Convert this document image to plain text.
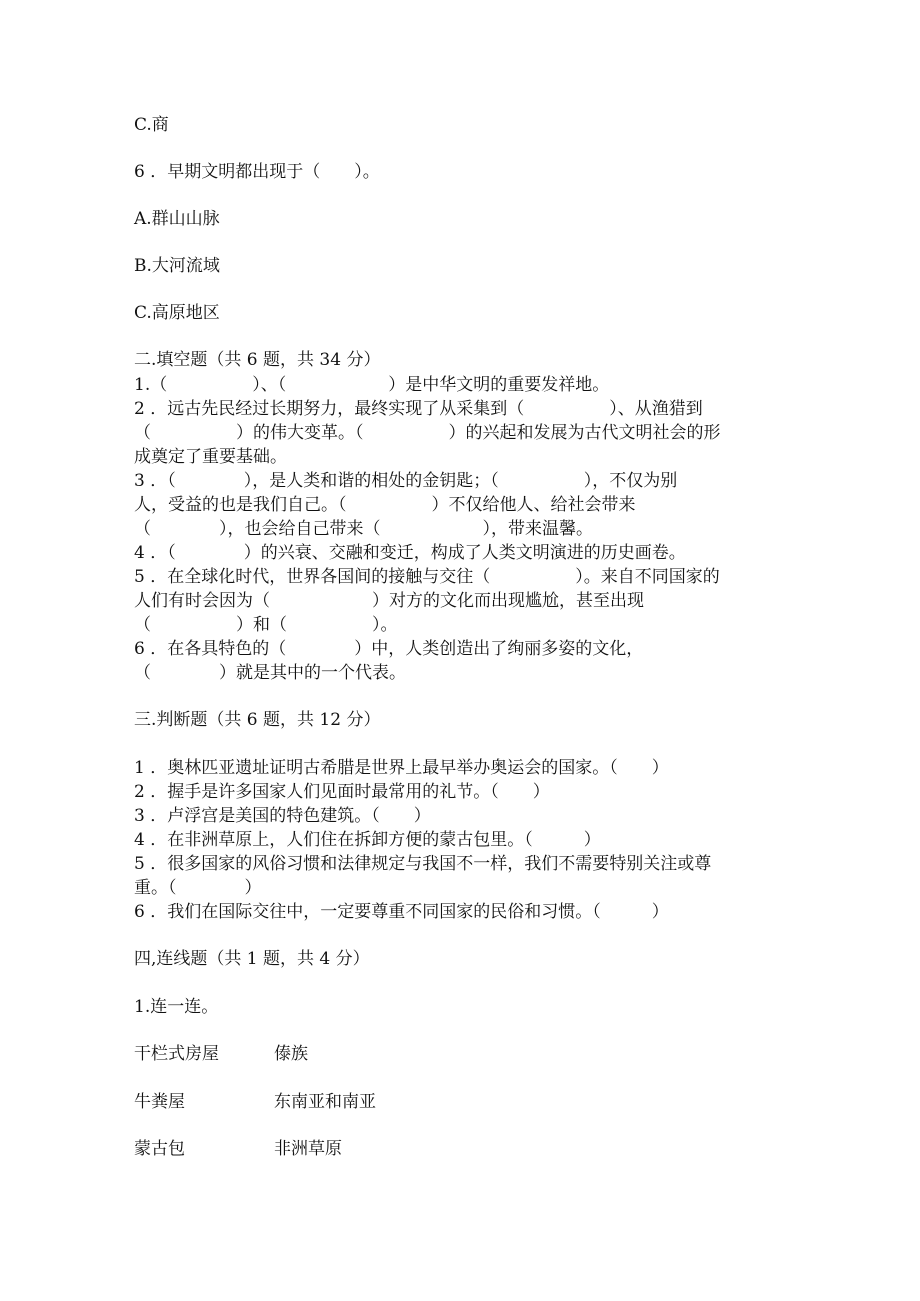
C.商
6 ．早期文明都出现于（　　）。
A.群山山脉
B.大河流域
C.高原地区
二.填空题（共 6 题，共 34 分）
1.（　　　　　）、（　　　　　　）是中华文明的重要发祥地。
2 ．远古先民经过长期努力，最终实现了从采集到（　　　　　）、从渔猎到
（　　　　　）的伟大变革。（　　　　　）的兴起和发展为古代文明社会的形
成奠定了重要基础。
3 ．（　　　　），是人类和谐的相处的金钥匙；（　　　　　），不仅为别
人，受益的也是我们自己。（　　　　　）不仅给他人、给社会带来
（　　　　），也会给自己带来（　　　　　　），带来温馨。
4 ．（　　　　）的兴衰、交融和变迁，构成了人类文明演进的历史画卷。
5 ．在全球化时代，世界各国间的接触与交往（　　　　　）。来自不同国家的
人们有时会因为（　　　　　　）对方的文化而出现尴尬，甚至出现
（　　　　　）和（　　　　　）。
6 ．在各具特色的（　　　　）中，人类创造出了绚丽多姿的文化，
（　　　　）就是其中的一个代表。
三.判断题（共 6 题，共 12 分）
1 ．奥林匹亚遗址证明古希腊是世界上最早举办奥运会的国家。（　　）
2 ．握手是许多国家人们见面时最常用的礼节。（　　）
3 ．卢浮宫是美国的特色建筑。（　　）
4 ．在非洲草原上，人们住在拆卸方便的蒙古包里。（　　　）
5 ．很多国家的风俗习惯和法律规定与我国不一样，我们不需要特别关注或尊
重。（　　　　）
6 ．我们在国际交往中，一定要尊重不同国家的民俗和习惯。（　　　）
四,连线题（共 1 题，共 4 分）
1.连一连。
干栏式房屋	傣族
牛粪屋	东南亚和南亚
蒙古包	非洲草原
